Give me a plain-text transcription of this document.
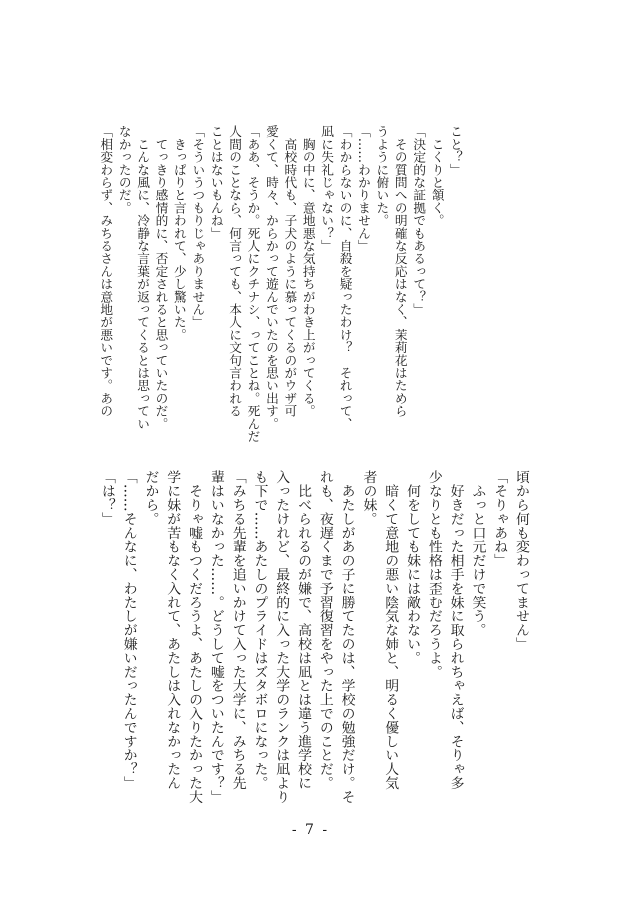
こと？」
　こくりと頷く。
「決定的な証拠でもあるって？」
　その質問への明確な反応はなく、茉莉花はためら
うように俯いた。
「……わかりません」
「わからないのに、自殺を疑ったわけ？　それって、
凪に失礼じゃない？」
　胸の中に、意地悪な気持ちがわき上がってくる。
　高校時代も、子犬のように慕ってくるのがウザ可
愛くて、時々、からかって遊んでいたのを思い出す。
「ああ、そうか。死人にクチナシ、ってことね。死んだ
人間のことなら、何言っても、本人に文句言われる
ことはないもんね」
「そういうつもりじゃありません」
　きっぱりと言われて、少し驚いた。
　てっきり感情的に、否定されると思っていたのだ。
　こんな風に、冷静な言葉が返ってくるとは思ってい
なかったのだ。
「相変わらず、みちるさんは意地が悪いです。あの
頃から何も変わってません」
「そりゃあね」
　ふっと口元だけで笑う。
　好きだった相手を妹に取られちゃえば、そりゃ多
少なりとも性格は歪むだろうよ。
　何をしても妹には敵わない。
　暗くて意地の悪い陰気な姉と、明るく優しい人気
者の妹。
　あたしがあの子に勝てたのは、学校の勉強だけ。そ
れも、夜遅くまで予習復習をやった上でのことだ。
　比べられるのが嫌で、高校は凪とは違う進学校に
入ったけれど、最終的に入った大学のランクは凪より
も下で……あたしのプライドはズタボロになった。
「みちる先輩を追いかけて入った大学に、みちる先
輩はいなかった……。どうして嘘をついたんです？」
　そりゃ嘘もつくだろうよ、あたしの入りたかった大
学に妹が苦もなく入れて、あたしは入れなかったん
だから。
「……そんなに、わたしが嫌いだったんですか？」
「は？」
- 7 -
